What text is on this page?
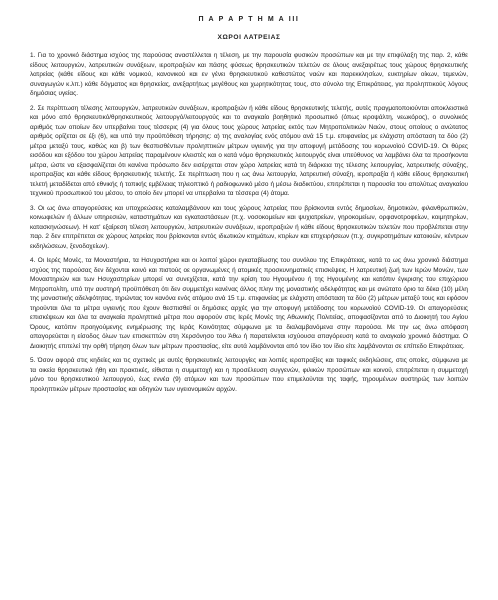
Π Α Ρ Α Ρ Τ Η Μ Α ΙΙΙ
ΧΩΡΟΙ ΛΑΤΡΕΙΑΣ

1. Για το χρονικό διάστημα ισχύος της παρούσας αναστέλλεται η τέλεση, με την παρουσία φυσικών προσώπων και με την επιφύλαξη της παρ. 2, κάθε είδους λειτουργιών, λατρευτικών συνάξεων, ιεροπραξιών και πάσης φύσεως θρησκευτικών τελετών σε όλους ανεξαιρέτως τους χώρους θρησκευτικής λατρείας (κάθε είδους και κάθε νομικού, κανονικού και εν γένει θρησκευτικού καθεστώτος ναών και παρεκκλησίων, ευκτηρίων οίκων, τεμενών, συναγωγών κ.λπ.) κάθε δόγματος και θρησκείας, ανεξαρτήτως μεγέθους και χωρητικότητας τους, στο σύνολο της Επικράτειας, για προληπτικούς λόγους δημόσιας υγείας.

2. Σε περίπτωση τέλεσης λειτουργιών, λατρευτικών συνάξεων, ιεροπραξιών ή κάθε είδους θρησκευτικής τελετής, αυτές πραγματοποιούνται αποκλειστικά και μόνο από θρησκευτικό/θρησκευτικούς λειτουργό/λειτουργούς και το αναγκαίο βοηθητικό προσωπικό (όπως ιεροψάλτη, νεωκόρος), ο συνολικός αριθμός των οποίων δεν υπερβαίνει τους τέσσερις (4) για όλους τους χώρους λατρείας εκτός των Μητροπολιτικών Ναών, στους οποίους ο ανώτατος αριθμός ορίζεται σε έξι (6), και υπό την προϋπόθεση τήρησης: α) της αναλογίας ενός ατόμου ανά 15 τ.μ. επιφανείας με ελάχιστη απόσταση τα δύο (2) μέτρα μεταξύ τους, καθώς και β) των θεσπισθέντων προληπτικών μέτρων υγιεινής για την αποφυγή μετάδοσης του κορωνοϊού COVID-19. Οι θύρες εισόδου και εξόδου του χώρου λατρείας παραμένουν κλειστές και ο κατά νόμο θρησκευτικός λειτουργός είναι υπεύθυνος να λαμβάνει όλα τα προσήκοντα μέτρα, ώστε να εξασφαλίζεται ότι κανένα πρόσωπο δεν εισέρχεται στον χώρο λατρείας κατά τη διάρκεια της τέλεσης λειτουργίας, λατρευτικής σύναξης, ιεροπραξίας και κάθε είδους θρησκευτικής τελετής. Σε περίπτωση που η ως άνω λειτουργία, λατρευτική σύναξη, ιεροπραξία ή κάθε είδους θρησκευτική τελετή μεταδίδεται από εθνικής ή τοπικής εμβέλειας τηλεοπτικό ή ραδιοφωνικό μέσο ή μέσω διαδικτύου, επιτρέπεται η παρουσία του απολύτως αναγκαίου τεχνικού προσωπικού του μέσου, το οποίο δεν μπορεί να υπερβαίνει τα τέσσερα (4) άτομα.

3. Οι ως άνω απαγορεύσεις και υποχρεώσεις καταλαμβάνουν και τους χώρους λατρείας που βρίσκονται εντός δημοσίων, δημοτικών, φιλανθρωπικών, κοινωφελών ή άλλων υπηρεσιών, καταστημάτων και εγκαταστάσεων (π.χ. νοσοκομείων και ψυχιατρείων, γηροκομείων, ορφανοτροφείων, κοιμητηρίων, κατασκηνώσεων). Η κατ' εξαίρεση τέλεση λειτουργιών, λατρευτικών συνάξεων, ιεροπραξιών ή κάθε είδους θρησκευτικών τελετών που προβλέπεται στην παρ. 2 δεν επιτρέπεται σε χώρους λατρείας που βρίσκονται εντός ιδιωτικών κτημάτων, κτιρίων και επιχειρήσεων (π.χ. συγκροτημάτων κατοικιών, κέντρων εκδηλώσεων, ξενοδοχείων).

4. Οι Ιερές Μονές, τα Μοναστήρια, τα Ησυχαστήρια και οι λοιποί χώροι εγκαταβίωσης του συνόλου της Επικράτειας, κατά το ως άνω χρονικό διάστημα ισχύος της παρούσας δεν δέχονται κοινό και πιστούς οε οργανωμένες ή ατομικές προσκυνηματικές επισκέψεις. Η λατρευτική ζωή των Ιερών Μονών, των Μοναστηριών και των Ησυχαστηρίων μπορεί να συνεχίζεται, κατά την κρίση του Ηγουμένου ή της Ηγουμένης και κατόπιν έγκρισης του επιχώριου Μητροπολίτη, υπό την αυστηρή προϋπόθεση ότι δεν συμμετέχει κανένας άλλος πλην της μοναστικής αδελφότητας και με ανώτατο όριο τα δέκα (10) μέλη της μοναστικής αδελφότητας, τηρώντας τον κανόνα ενός ατόμου ανά 15 τ.μ. επιφανείας με ελάχιστη απόσταση τα δύο (2) μέτρων μεταξύ τους και εφόσον τηρούνται όλα τα μέτρα υγιεινής που έχουν θεσπισθεί οι δημόσιες αρχές για την αποφυγή μετάδοσης του κορωνοϊού COVID-19. Οι απαγορεύσεις επισκέψεων και όλα τα αναγκαία προληπτικά μέτρα που αφορούν στις Ιερές Μονές της Αθωνικής Πολιτείας, αποφασίζονται από το Διοικητή του Αγίου Όρους, κατόπιν προηγούμενης ενημέρωσης της Ιεράς Κοινότητας σύμφωνα με τα διαλαμβανόμενα στην παρούσα. Με την ως άνω απόφαση απαγορεύεται η είσοδος όλων των επισκεπτών στη Χερσόνησο του Άθω ή παρατείνεται ισχύουσα απαγόρευση κατά το αναγκαίο χρονικό διάστημα. Ο Διοικητής επιτελεί την ορθή τήρηση όλων των μέτρων προστασίας, είτε αυτά λαμβάνονται από τον ίδιο τον ίδιο είτε λαμβάνονται σε επίπεδο Επικράτειας.

5. Όσον αφορά στις κηδείες και τις σχετικές με αυτές θρησκευτικές λειτουργίες και λοιπές ιεροπραξίες και ταφικές εκδηλώσεις, στις οποίες, σύμφωνα με τα οικεία θρησκευτικά ήθη και πρακτικές, είθισται η συμμετοχή και η προσέλευση συγγενών, φιλικών προσώπων και κοινού, επιτρέπεται η συμμετοχή μόνο του θρησκευτικού λειτουργού, έως εννέα (9) ατόμων και των προσώπων που επιμελούνται της ταφής, τηρουμένων αυστηρώς των λοιπών προληπτικών μέτρων προστασίας και οδηγιών των υγειονομικών αρχών.
